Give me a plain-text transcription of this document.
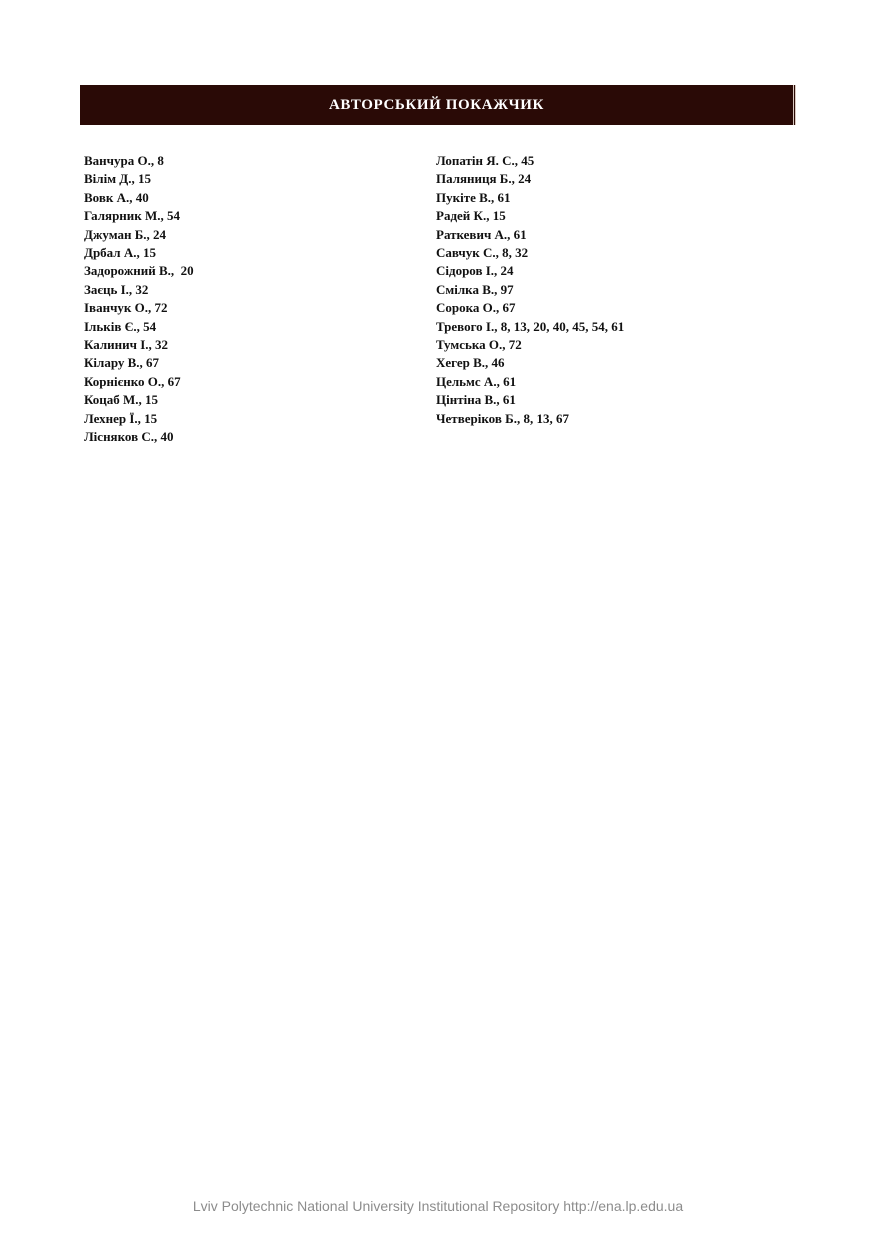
АВТОРСЬКИЙ ПОКАЖЧИК
Ванчура О., 8
Вілім Д., 15
Вовк А., 40
Галярник М., 54
Джуман Б., 24
Дрбал А., 15
Задорожний В.,  20
Заєць І., 32
Іванчук О., 72
Ільків Є., 54
Калинич І., 32
Кілару В., 67
Корнієнко О., 67
Коцаб М., 15
Лехнер Ї., 15
Лісняков С., 40
Лопатін Я. С., 45
Паляниця Б., 24
Пукіте В., 61
Радей К., 15
Раткевич А., 61
Савчук С., 8, 32
Сідоров І., 24
Смілка В., 97
Сорока О., 67
Тревого І., 8, 13, 20, 40, 45, 54, 61
Тумська О., 72
Хегер В., 46
Цельмс А., 61
Цінтіна В., 61
Четверіков Б., 8, 13, 67
Lviv Polytechnic National University Institutional Repository http://ena.lp.edu.ua
